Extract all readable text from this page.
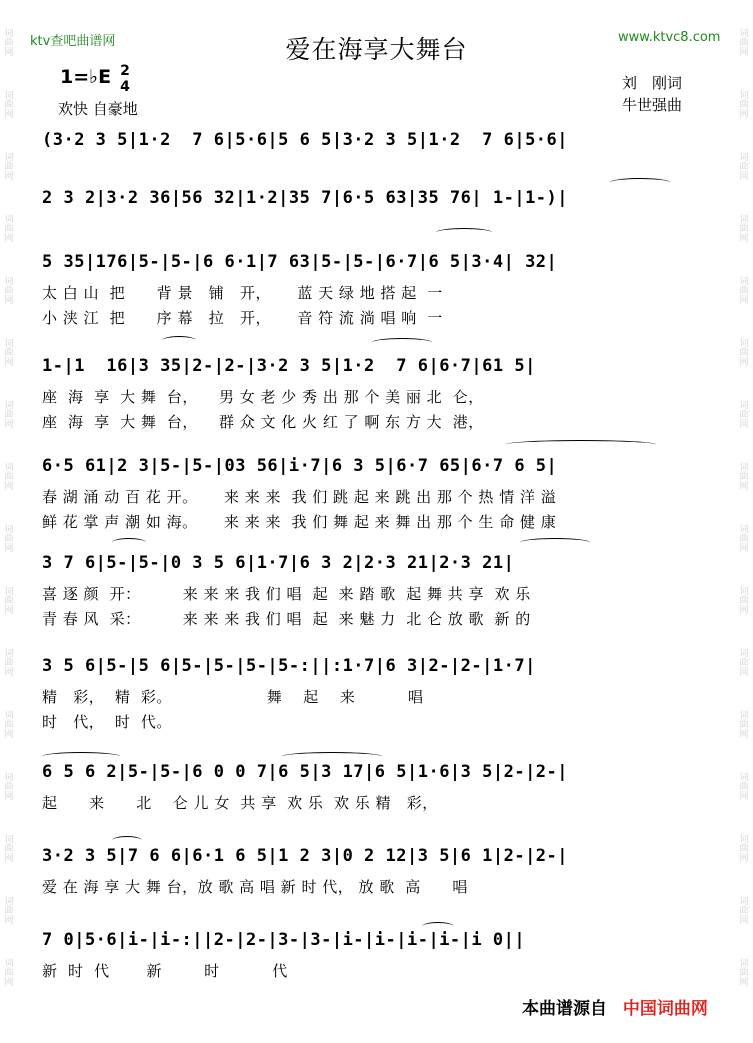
词
曲
网
词
曲
网
词
曲
网
词
曲
网
词
曲
网
词
曲
网
词
曲
网
词
曲
网
词
曲
网
词
曲
网
词
曲
网
词
曲
网
词
曲
网
词
曲
网
词
曲
网
词
曲
网
词
曲
网
词
曲
网
词
曲
网
词
曲
网
词
曲
网
词
曲
网
词
曲
网
词
曲
网
词
曲
网
词
曲
网
词
曲
网
词
曲
网
词
曲
网
词
曲
网
词
曲
网
词
曲
网
ktv查吧曲谱网	www.ktvc8.com
爱在海享大舞台
1=♭E 2
4
欢快 自豪地
刘　刚词
牛世强曲
(3·2 3 5|1·2  7 6|5·6|5 6 5|3·2 3 5|1·2  7 6|5·6|
2 3 2|3·2 36|56 32|1·2|35 7|6·5 63|35 76| 1-|1-)|
5 35|176|5-|5-|6 6·1|7 63|5-|5-|6·7|6 5|3·4| 32|
太 白 山  把      背 景   铺   开，     蓝 天 绿 地 搭 起  一
小 浃 江  把      序 幕   拉   开，     音 符 流 淌 唱 响  一
1-|1  16|3 35|2-|2-|3·2 3 5|1·2  7 6|6·7|61 5|
座  海  享  大 舞  台，    男 女 老 少 秀 出 那 个 美 丽 北  仑，
座  海  享  大 舞  台，    群 众 文 化 火 红 了 啊 东 方 大  港，
6·5 61|2 3|5-|5-|03 56|i·7|6 3 5|6·7 65|6·7 6 5|
春 湖 涌 动 百 花 开。     来 来 来  我 们 跳 起 来 跳 出 那 个 热 情 洋 溢
鲜 花 掌 声 潮 如 海。     来 来 来  我 们 舞 起 来 舞 出 那 个 生 命 健 康
3 7 6|5-|5-|0 3 5 6|1·7|6 3 2|2·3 21|2·3 21|
喜 逐 颜  开：        来 来 来 我 们 唱  起  来 踏 歌  起 舞 共 享  欢 乐
青 春 风  采：        来 来 来 我 们 唱  起  来 魅 力  北 仑 放 歌  新 的
3 5 6|5-|5 6|5-|5-|5-|5-:||:1·7|6 3|2-|2-|1·7|
精   彩，  精  彩。                  舞    起    来          唱
时   代，  时  代。
6 5 6 2|5-|5-|6 0 0 7|6 5|3 17|6 5|1·6|3 5|2-|2-|
起      来      北    仑 儿 女  共 享  欢 乐  欢 乐 精   彩，
3·2 3 5|7 6 6|6·1 6 5|1 2 3|0 2 12|3 5|6 1|2-|2-|
爱 在 海 享 大 舞 台，放 歌 高 唱 新 时 代， 放 歌  高      唱
7 0|5·6|i-|i-:||2-|2-|3-|3-|i-|i-|i-|i-|i 0||
新  时  代       新        时          代
本曲谱源自 中国词曲网
